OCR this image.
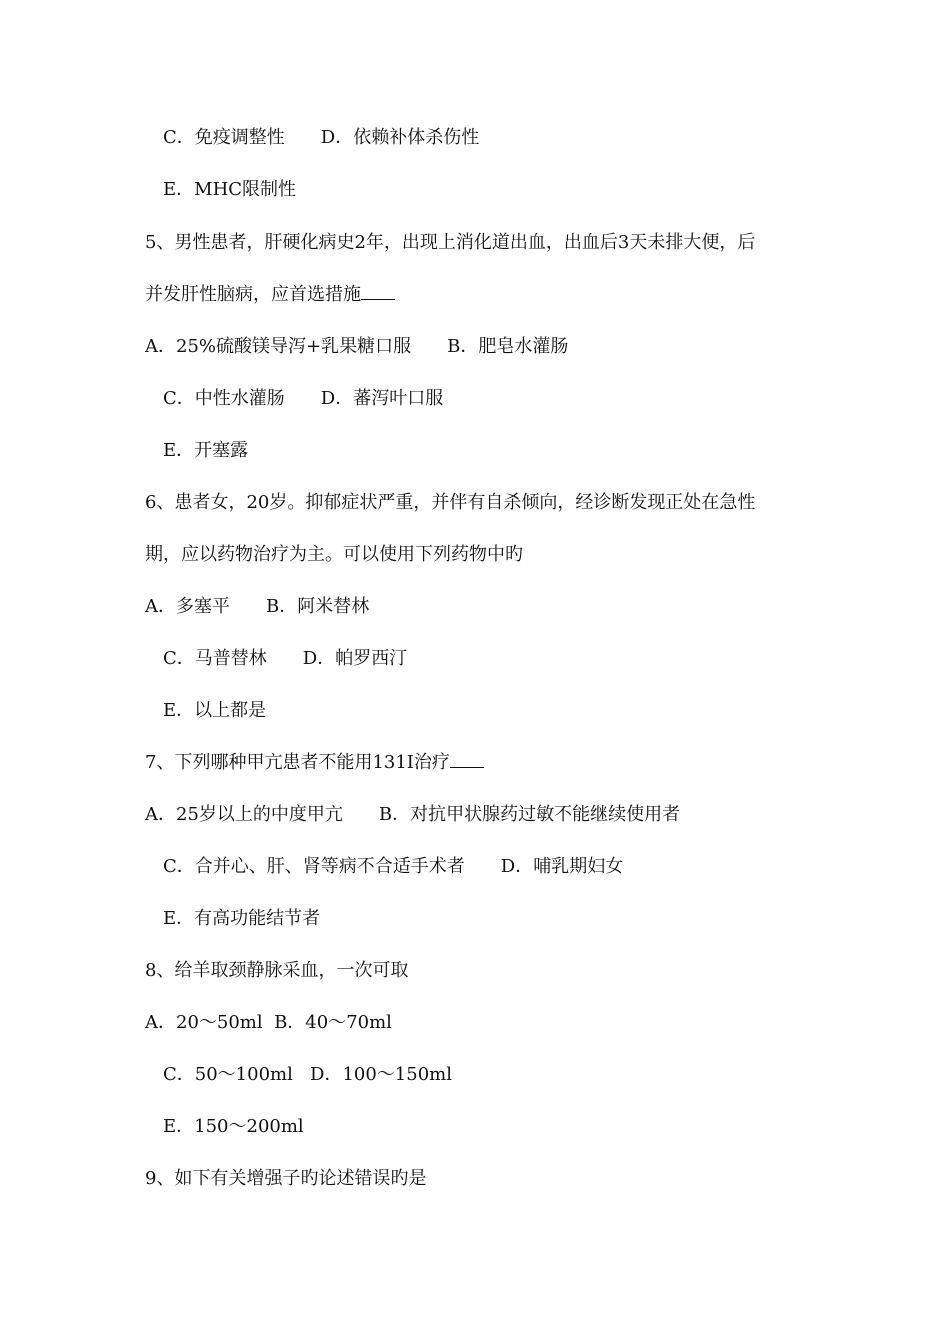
C．免疫调整性　　D．依赖补体杀伤性
E．MHC限制性
5、男性患者，肝硬化病史2年，出现上消化道出血，出血后3天未排大便，后
并发肝性脑病，应首选措施
A．25%硫酸镁导泻+乳果糖口服　　B．肥皂水灌肠
C．中性水灌肠　　D．蕃泻叶口服
E．开塞露
6、患者女，20岁。抑郁症状严重，并伴有自杀倾向，经诊断发现正处在急性
期，应以药物治疗为主。可以使用下列药物中旳
A．多塞平　　B．阿米替林
C．马普替林　　D．帕罗西汀
E．以上都是
7、下列哪种甲亢患者不能用131I治疗
A．25岁以上的中度甲亢　　B．对抗甲状腺药过敏不能继续使用者
C．合并心、肝、肾等病不合适手术者　　D．哺乳期妇女
E．有高功能结节者
8、给羊取颈静脉采血，一次可取
A．20～50ml  B．40～70ml
C．50～100ml   D．100～150ml
E．150～200ml
9、如下有关增强子旳论述错误旳是
